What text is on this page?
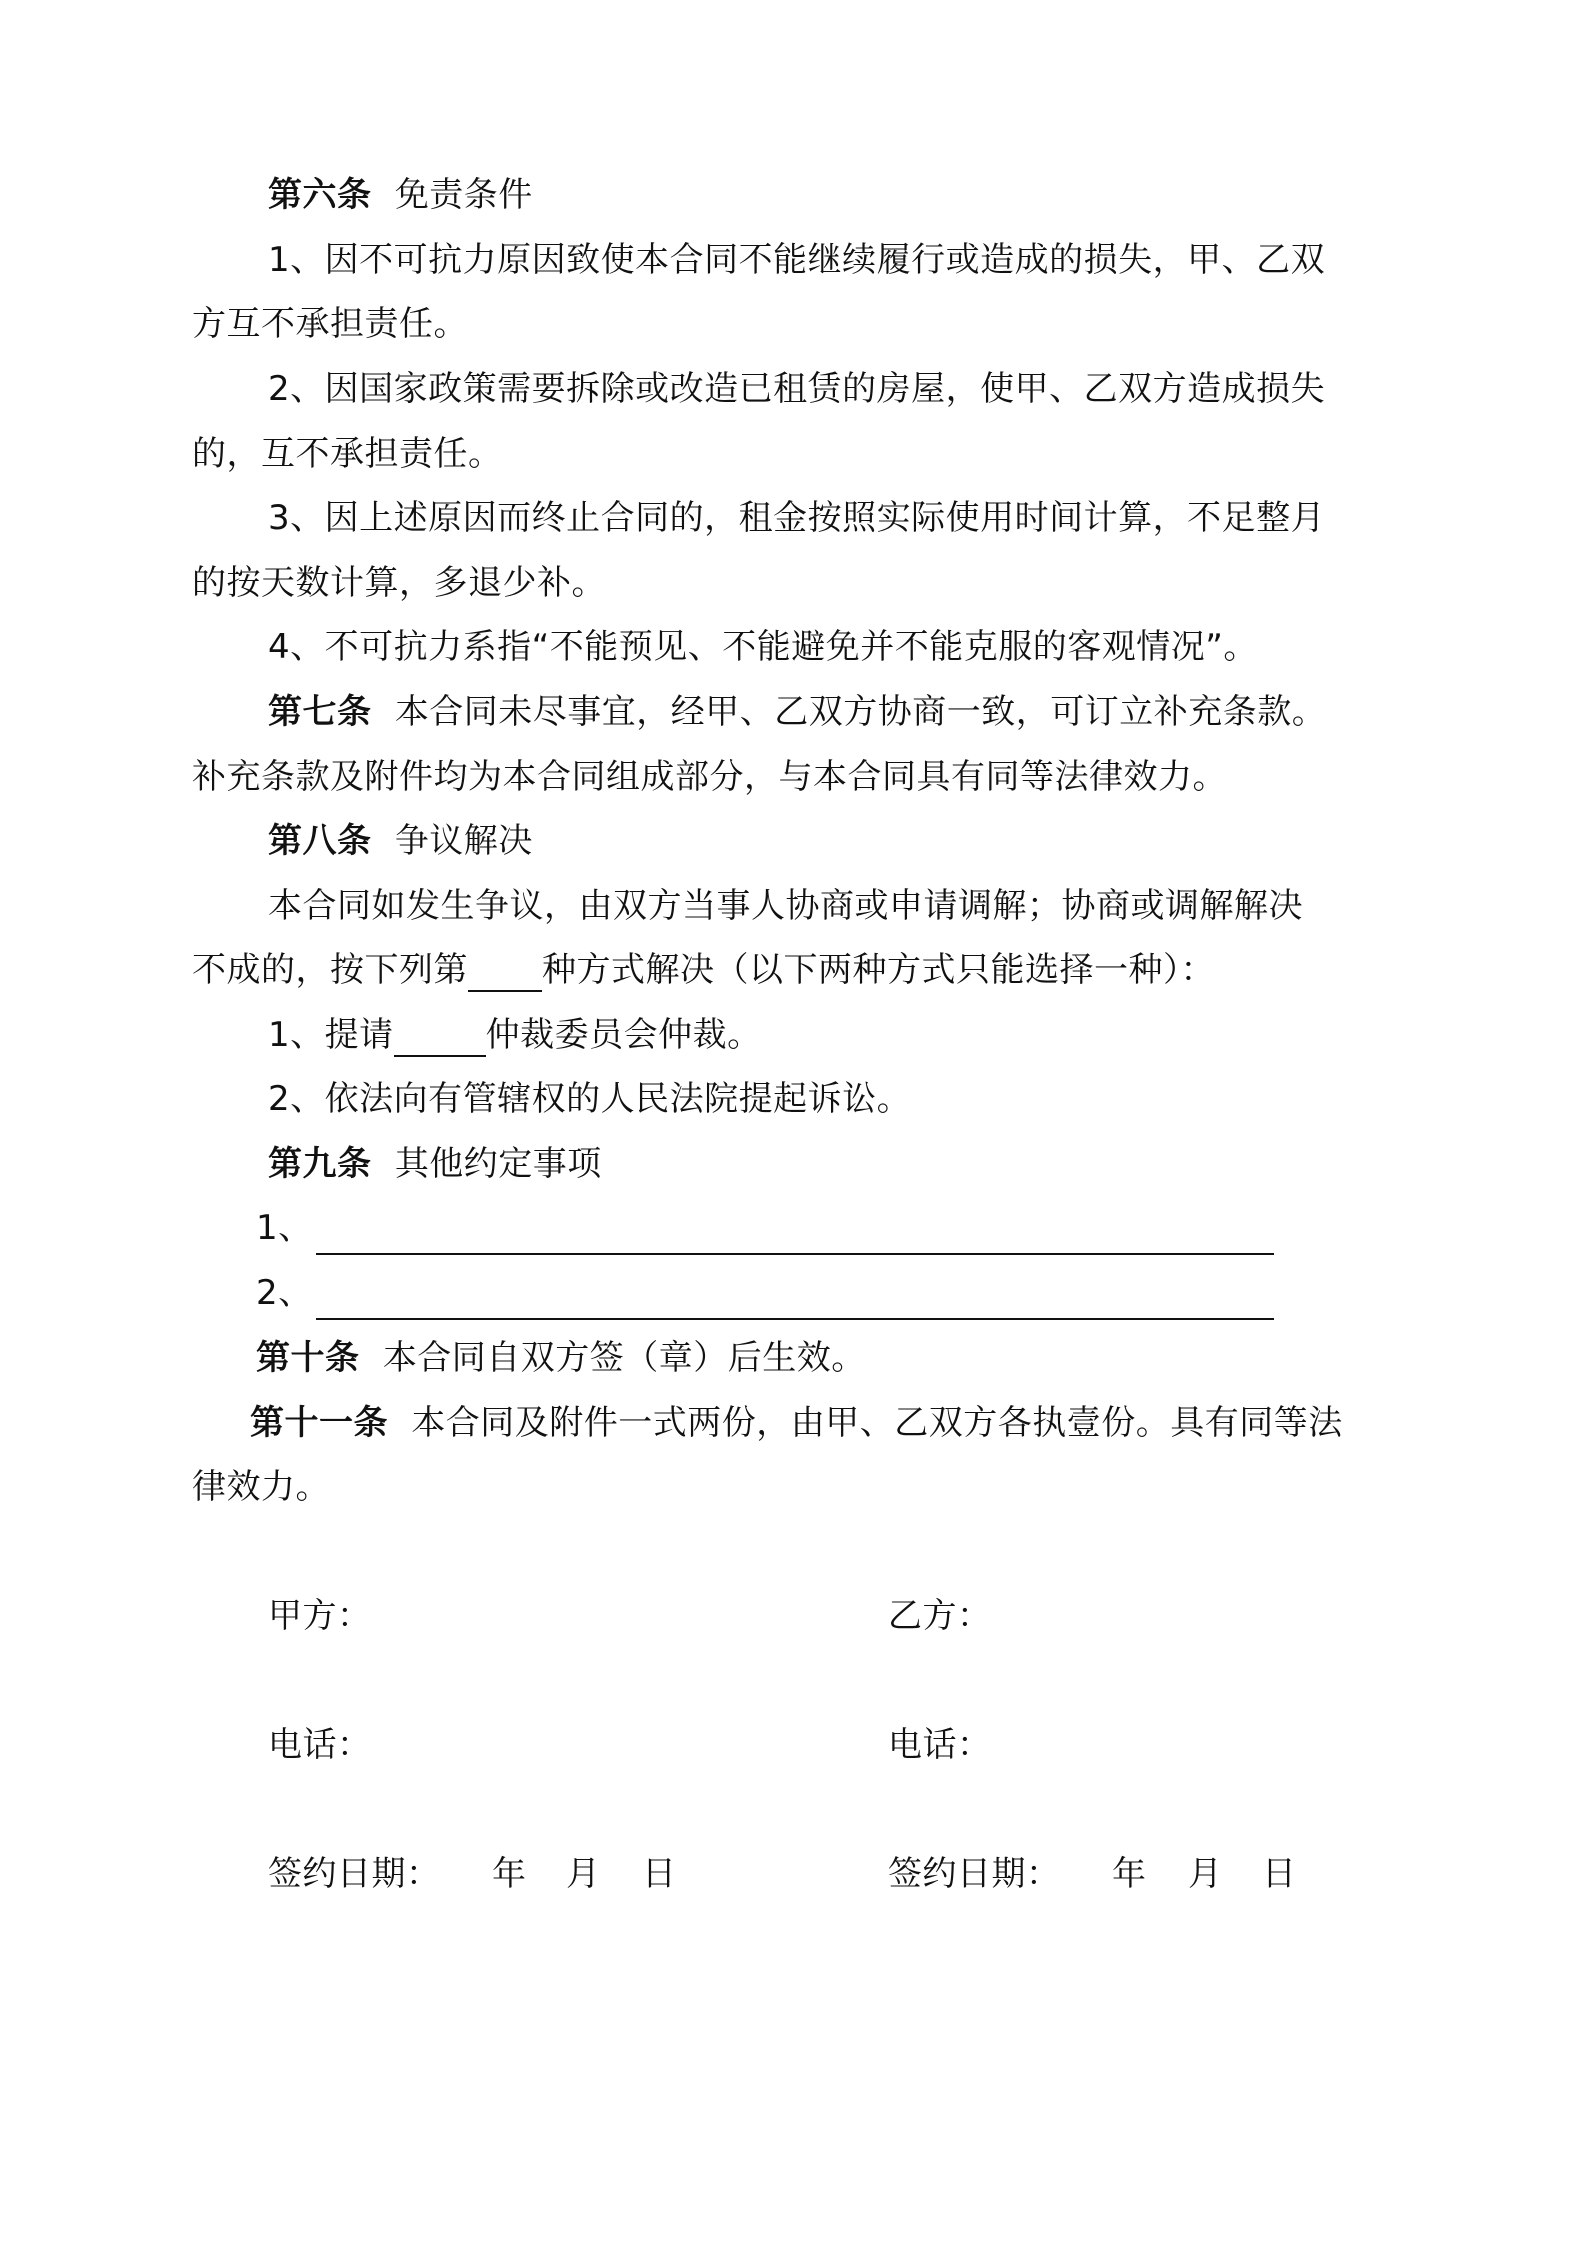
第六条 免责条件
1、因不可抗力原因致使本合同不能继续履行或造成的损失，甲、乙双
方互不承担责任。
2、因国家政策需要拆除或改造已租赁的房屋，使甲、乙双方造成损失
的，互不承担责任。
3、因上述原因而终止合同的，租金按照实际使用时间计算，不足整月
的按天数计算，多退少补。
4、不可抗力系指“不能预见、不能避免并不能克服的客观情况”。
第七条 本合同未尽事宜，经甲、乙双方协商一致，可订立补充条款。
补充条款及附件均为本合同组成部分，与本合同具有同等法律效力。
第八条 争议解决
本合同如发生争议，由双方当事人协商或申请调解；协商或调解解决
不成的，按下列第 种方式解决（以下两种方式只能选择一种）：
1、提请	仲裁委员会仲裁。
2、依法向有管辖权的人民法院提起诉讼。
第九条 其他约定事项
1、
2、
第十条 本合同自双方签（章）后生效。
第十一条 本合同及附件一式两份，由甲、乙双方各执壹份。具有同等法
律效力。
甲方：	乙方：
电话：	电话：
签约日期： 年 月 日	签约日期： 年 月 日
